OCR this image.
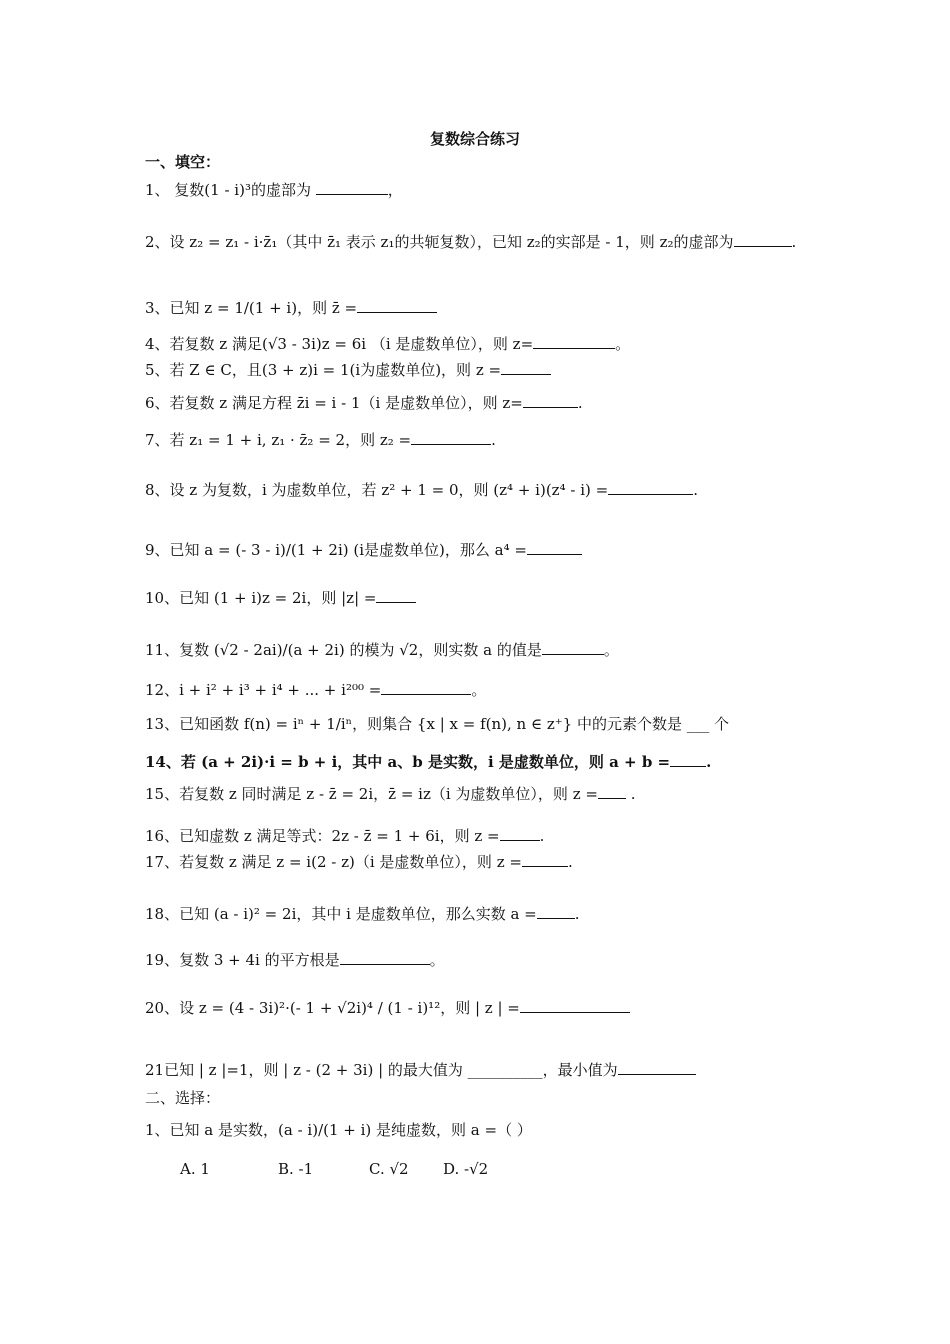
复数综合练习
一、填空：
1、 复数(1 - i)³的虚部为	，
2、设 z₂ = z₁ - i·z̄₁（其中 z̄₁ 表示 z₁的共轭复数），已知 z₂的实部是 - 1，则 z₂的虚部为	.
3、已知 z = 1/(1 + i)，则 z̄ =
4、若复数 z 满足(√3 - 3i)z = 6i （i 是虚数单位），则 z=	。
5、若 Z ∈ C，且(3 + z)i = 1(i为虚数单位)，则 z =
6、若复数 z 满足方程 z̄i = i - 1（i 是虚数单位），则 z=	.
7、若 z₁ = 1 + i, z₁ · z̄₂ = 2，则 z₂ =	.
8、设 z 为复数，i 为虚数单位，若 z² + 1 = 0，则 (z⁴ + i)(z⁴ - i) =	.
9、已知 a = (- 3 - i)/(1 + 2i) (i是虚数单位)，那么 a⁴ =
10、已知 (1 + i)z = 2i，则 |z| =
11、复数 (√2 - 2ai)/(a + 2i) 的模为 √2，则实数 a 的值是	。
12、i + i² + i³ + i⁴ + ... + i²⁰⁰ =	。
13、已知函数 f(n) = iⁿ + 1/iⁿ，则集合 {x | x = f(n), n ∈ z⁺} 中的元素个数是 ___ 个
14、若 (a + 2i)·i = b + i，其中 a、b 是实数，i 是虚数单位，则 a + b = .
15、若复数 z 同时满足 z - z̄ = 2i，z̄ = iz（i 为虚数单位），则 z = .
16、已知虚数 z 满足等式：2z - z̄ = 1 + 6i，则 z =	.
17、若复数 z 满足 z = i(2 - z)（i 是虚数单位），则 z =	.
18、已知 (a - i)² = 2i，其中 i 是虚数单位，那么实数 a =	.
19、复数 3 + 4i 的平方根是	。
20、设 z = (4 - 3i)²·(- 1 + √2i)⁴ / (1 - i)¹²，则 | z | =
21已知 | z |=1，则 | z - (2 + 3i) | 的最大值为 __________，最小值为
二、选择：
1、已知 a 是实数，(a - i)/(1 + i) 是纯虚数，则 a =（ ）
A. 1	B. -1	C. √2 D. -√2
